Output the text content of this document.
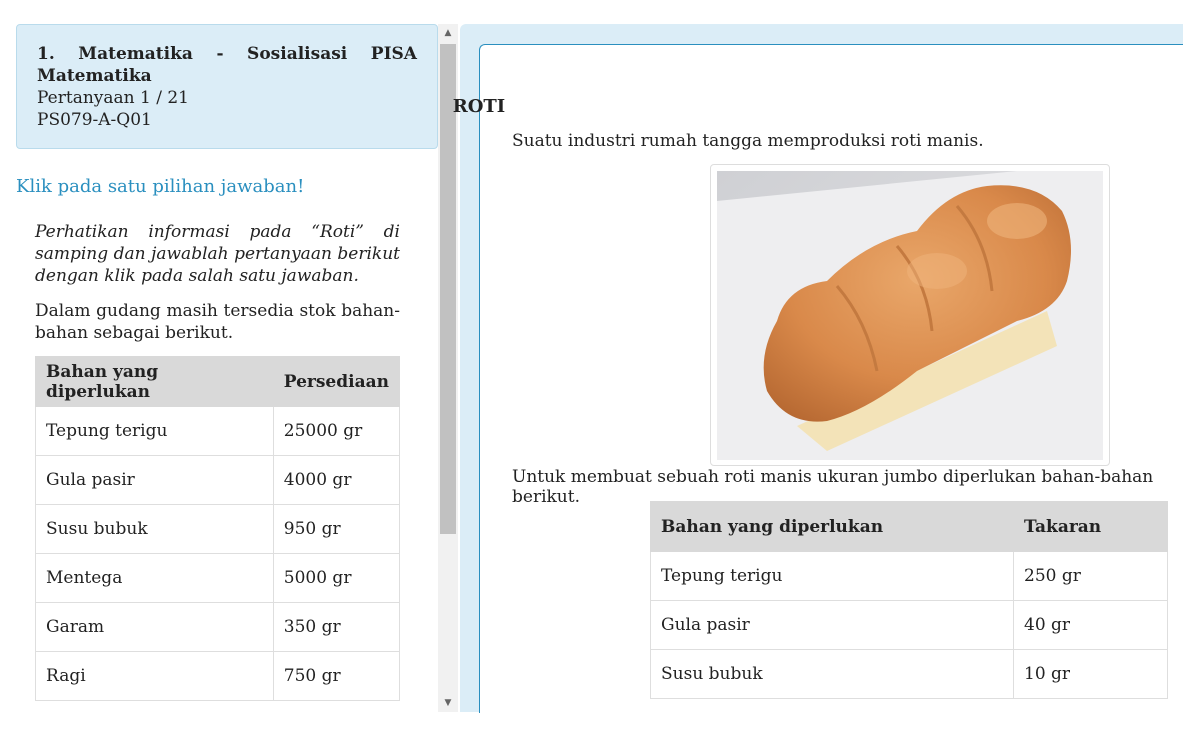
1. Matematika - Sosialisasi PISA
Matematika
Pertanyaan 1 / 21
PS079-A-Q01
Klik pada satu pilihan jawaban!
Perhatikan informasi pada “Roti” di samping dan jawablah pertanyaan berikut dengan klik pada salah satu jawaban.
Dalam gudang masih tersedia stok bahan-bahan sebagai berikut.
Bahan yang diperlukan	Persediaan
Tepung terigu	25000 gr
Gula pasir	4000 gr
Susu bubuk	950 gr
Mentega	5000 gr
Garam	350 gr
Ragi	750 gr
▲
▼
ROTI
Suatu industri rumah tangga memproduksi roti manis.
Untuk membuat sebuah roti manis ukuran jumbo diperlukan bahan-bahan berikut.
Bahan yang diperlukan	Takaran
Tepung terigu	250 gr
Gula pasir	40 gr
Susu bubuk	10 gr
